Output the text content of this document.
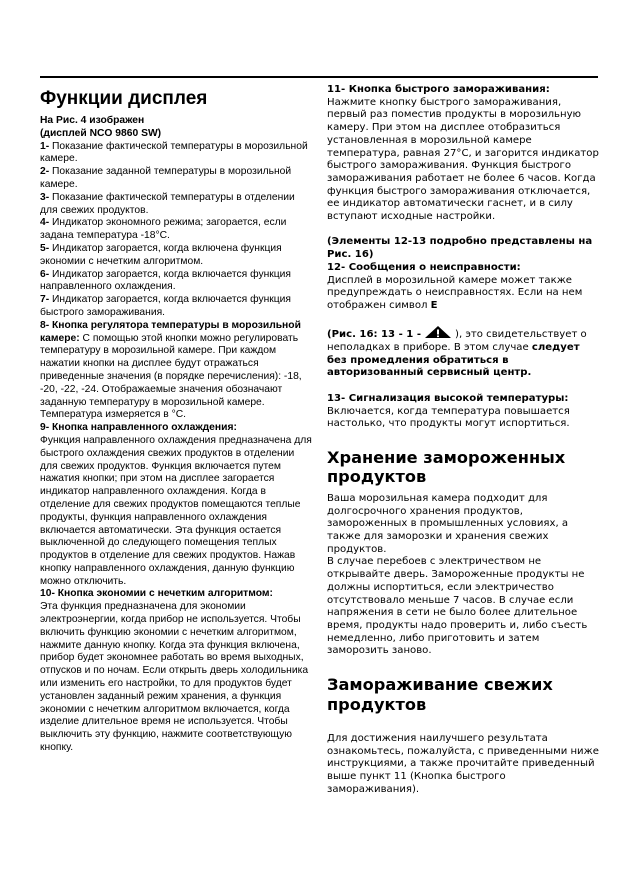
Функции дисплея

На Рис. 4 изображен

(дисплей NCO 9860 SW)

1- Показание фактической температуры в морозильной камере.

2- Показание заданной температуры в морозильной камере.

3- Показание фактической температуры в отделении для свежих продуктов.

4- Индикатор экономного режима; загорается, если задана температура -18°C.

5- Индикатор загорается, когда включена функция экономии с нечетким алгоритмом.

6- Индикатор загорается, когда включается функция направленного охлаждения.

7- Индикатор загорается, когда включается функция быстрого замораживания.

8- Кнопка регулятора температуры в морозильной камере: С помощью этой кнопки можно регулировать температуру в морозильной камере. При каждом нажатии кнопки на дисплее будут отражаться приведенные значения (в порядке перечисления): -18, -20, -22, -24. Отображаемые значения обозначают заданную температуру в морозильной камере. Температура измеряется в °C.

9- Кнопка направленного охлаждения:

Функция направленного охлаждения предназначена для быстрого охлаждения свежих продуктов в отделении для свежих продуктов. Функция включается путем нажатия кнопки; при этом на дисплее загорается индикатор направленного охлаждения. Когда в отделение для свежих продуктов помещаются теплые продукты, функция направленного охлаждения включается автоматически. Эта функция остается выключенной до следующего помещения теплых продуктов в отделение для свежих продуктов. Нажав кнопку направленного охлаждения, данную функцию можно отключить.

10- Кнопка экономии с нечетким алгоритмом:

Эта функция предназначена для экономии электроэнергии, когда прибор не используется. Чтобы включить функцию экономии с нечетким алгоритмом, нажмите данную кнопку. Когда эта функция включена, прибор будет экономнее работать во время выходных, отпусков и по ночам. Если открыть дверь холодильника или изменить его настройки, то для продуктов будет установлен заданный режим хранения, а функция экономии с нечетким алгоритмом включается, когда изделие длительное время не используется. Чтобы выключить эту функцию, нажмите соответствующую кнопку.

11- Кнопка быстрого замораживания:

Нажмите кнопку быстрого замораживания, первый раз поместив продукты в морозильную камеру. При этом на дисплее отобразиться установленная в морозильной камере температура, равная 27°C, и загорится индикатор быстрого замораживания. Функция быстрого замораживания работает не более 6 часов. Когда функция быстрого замораживания отключается, ее индикатор автоматически гаснет, и в силу вступают исходные настройки.

(Элементы 12-13 подробно представлены на Рис. 16)

12- Сообщения о неисправности:

Дисплей в морозильной камере может также предупреждать о неисправностях. Если на нем отображен символ E

(Рис. 16: 13 - 1 -	), это свидетельствует о неполадках в приборе. В этом случае следует без промедления обратиться в авторизованный сервисный центр.

13- Сигнализация высокой температуры:

Включается, когда температура повышается настолько, что продукты могут испортиться.

Хранение замороженных продуктов

Ваша морозильная камера подходит для долгосрочного хранения продуктов, замороженных в промышленных условиях, а также для заморозки и хранения свежих продуктов.

В случае перебоев с электричеством не открывайте дверь. Замороженные продукты не должны испортиться, если электричество отсутствовало меньше 7 часов. В случае если напряжения в сети не было более длительное время, продукты надо проверить и, либо съесть немедленно, либо приготовить и затем заморозить заново.

Замораживание свежих продуктов

Для достижения наилучшего результата ознакомьтесь, пожалуйста, с приведенными ниже инструкциями, а также прочитайте приведенный выше пункт 11 (Кнопка быстрого замораживания).
